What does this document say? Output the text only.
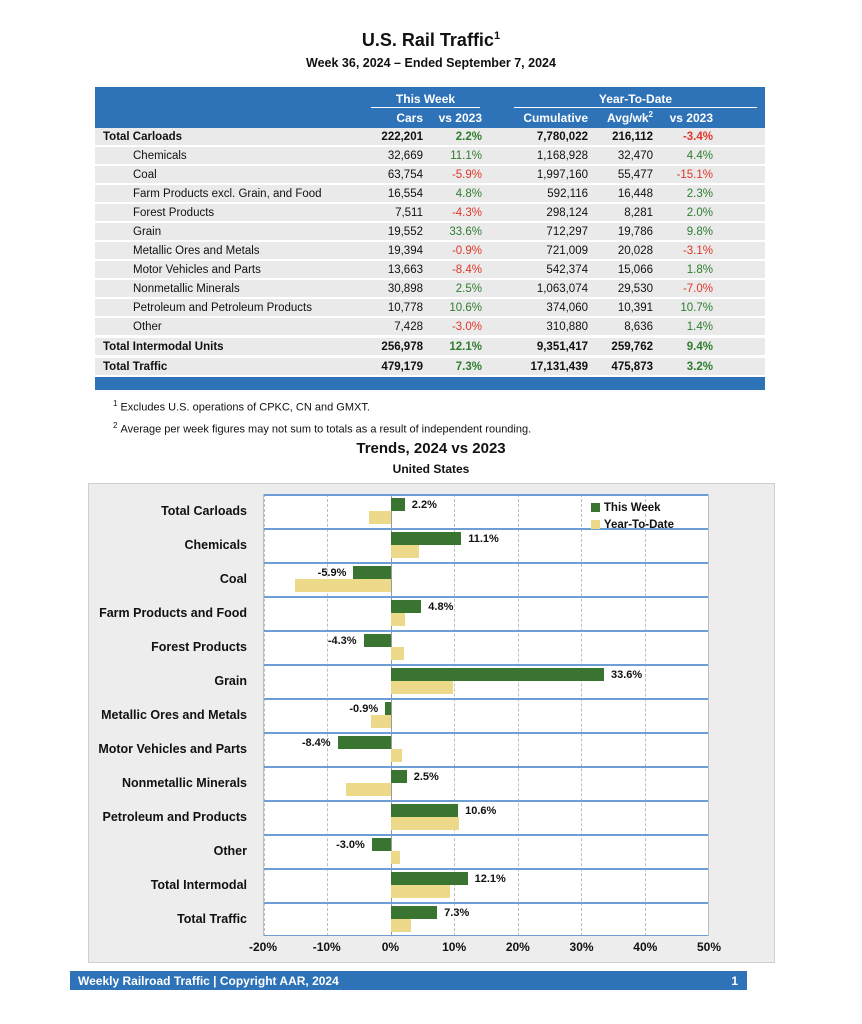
U.S. Rail Traffic$^1$
Week 36, 2024 – Ended September 7, 2024
This Week	Year-To-Date
Cars	vs 2023	Cumulative	Avg/$wk^2$	vs 2023
Total Carloads	222,201	2.2%	7,780,022	216,112	-3.4%
Chemicals	32,669	11.1%	1,168,928	32,470	4.4%
Coal	63,754	-5.9%	1,997,160	55,477	-15.1%
Farm Products excl. Grain, and Food	16,554	4.8%	592,116	16,448	2.3%
Forest Products	7,511	-4.3%	298,124	8,281	2.0%
Grain	19,552	33.6%	712,297	19,786	9.8%
Metallic Ores and Metals	19,394	-0.9%	721,009	20,028	-3.1%
Motor Vehicles and Parts	13,663	-8.4%	542,374	15,066	1.8%
Nonmetallic Minerals	30,898	2.5%	1,063,074	29,530	-7.0%
Petroleum and Petroleum Products	10,778	10.6%	374,060	10,391	10.7%
Other	7,428	-3.0%	310,880	8,636	1.4%
Total Intermodal Units	256,978	12.1%	9,351,417	259,762	9.4%
Total Traffic	479,179	7.3%	17,131,439	475,873	3.2%
$^1$ Excludes U.S. operations of CPKC, CN and GMXT.
$^2$ Average per week figures may not sum to totals as a result of independent rounding.
Trends, 2024 vs 2023
United States
Total Carloads
Chemicals
Coal
Farm Products and Food
Forest Products
Grain
Metallic Ores and Metals
Motor Vehicles and Parts
Nonmetallic Minerals
Petroleum and Products
Other
Total Intermodal
Total Traffic
2.2%
11.1%
-5.9%
4.8%
-4.3%
33.6%
-0.9%
-8.4%
2.5%
10.6%
-3.0%
12.1%
7.3%
This Week
Year-To-Date
-20%	-10%	0%	10%	20%	30%	40%	50%
Weekly Railroad Traffic | Copyright AAR, 2024	1
